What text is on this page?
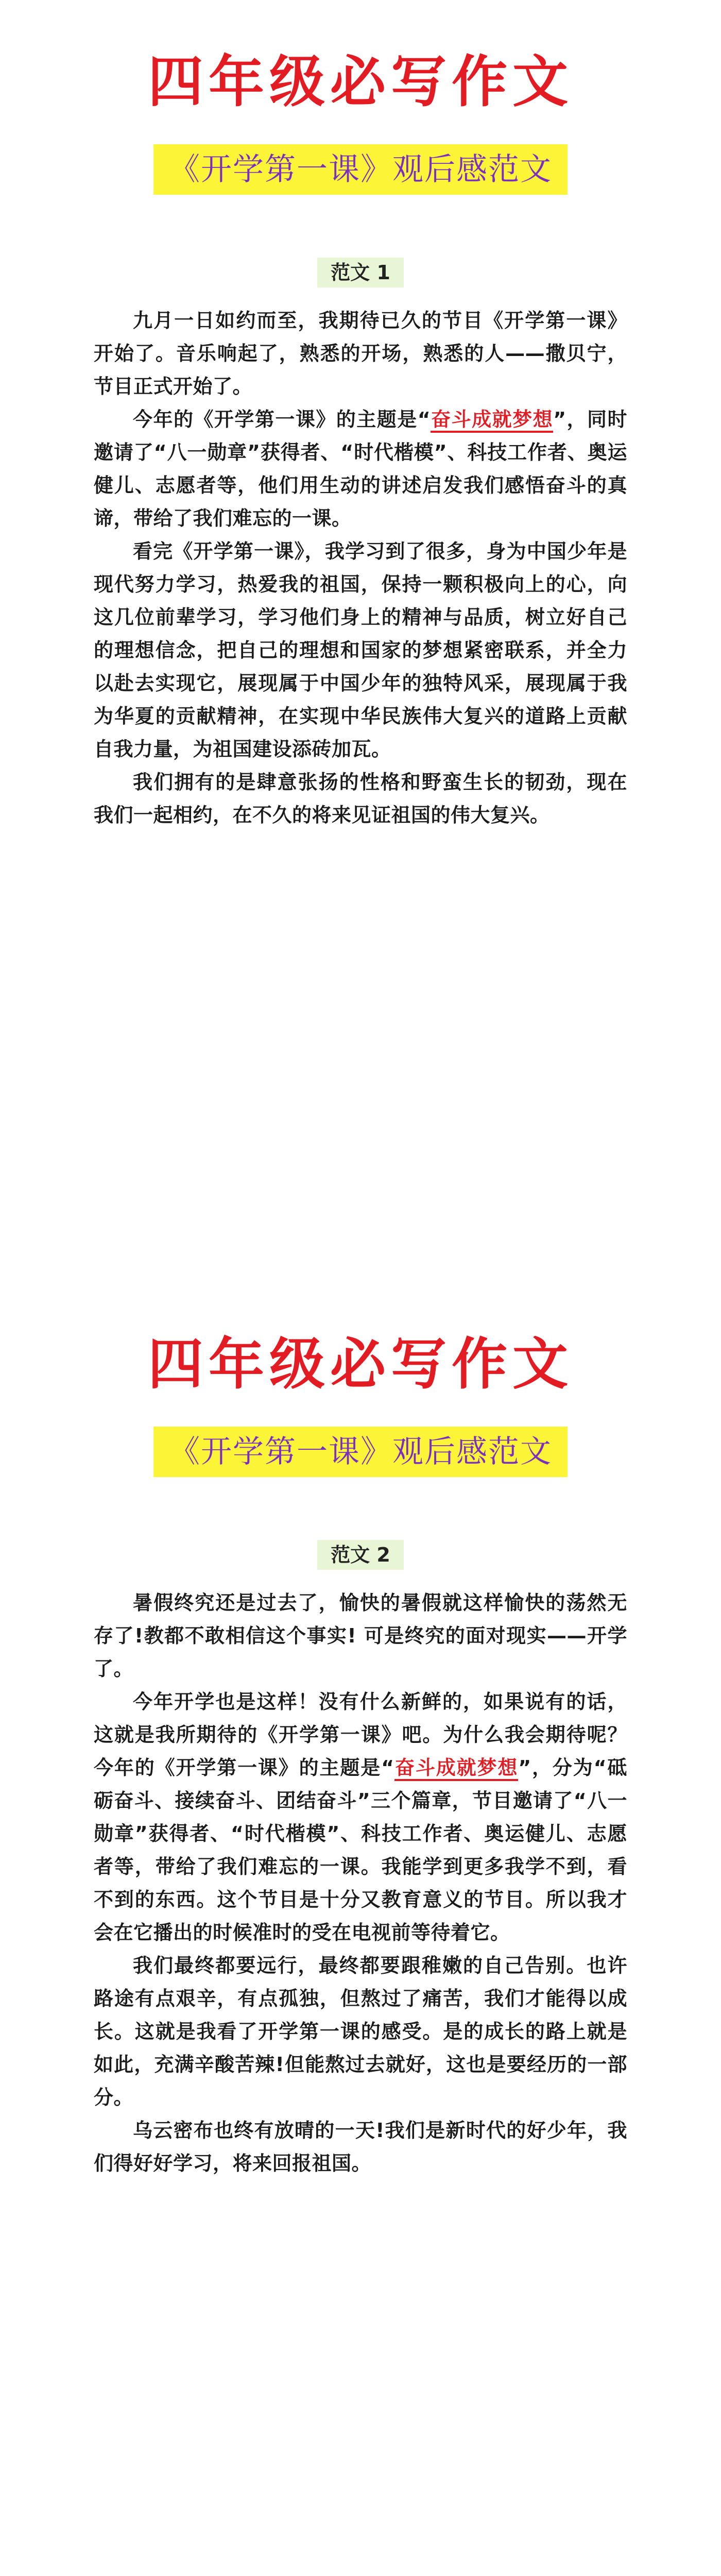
四年级必写作文
《开学第一课》观后感范文
范文 1

九月一日如约而至，我期待已久的节目《开学第一课》开始了。音乐响起了，熟悉的开场，熟悉的人——撒贝宁，节目正式开始了。

今年的《开学第一课》的主题是“奋斗成就梦想”，同时邀请了“八一勋章”获得者、“时代楷模”、科技工作者、奥运健儿、志愿者等，他们用生动的讲述启发我们感悟奋斗的真谛，带给了我们难忘的一课。

看完《开学第一课》，我学习到了很多，身为中国少年是现代努力学习，热爱我的祖国，保持一颗积极向上的心，向这几位前辈学习，学习他们身上的精神与品质，树立好自己的理想信念，把自己的理想和国家的梦想紧密联系，并全力以赴去实现它，展现属于中国少年的独特风采，展现属于我为华夏的贡献精神，在实现中华民族伟大复兴的道路上贡献自我力量，为祖国建设添砖加瓦。

我们拥有的是肆意张扬的性格和野蛮生长的韧劲，现在我们一起相约，在不久的将来见证祖国的伟大复兴。

四年级必写作文
《开学第一课》观后感范文
范文 2

暑假终究还是过去了，愉快的暑假就这样愉快的荡然无存了!教都不敢相信这个事实! 可是终究的面对现实——开学了。

今年开学也是这样！没有什么新鲜的，如果说有的话，这就是我所期待的《开学第一课》吧。为什么我会期待呢？今年的《开学第一课》的主题是“奋斗成就梦想”，分为“砥砺奋斗、接续奋斗、团结奋斗”三个篇章，节目邀请了“八一勋章”获得者、“时代楷模”、科技工作者、奥运健儿、志愿者等，带给了我们难忘的一课。我能学到更多我学不到，看不到的东西。这个节目是十分又教育意义的节目。所以我才会在它播出的时候准时的受在电视前等待着它。

我们最终都要远行，最终都要跟稚嫩的自己告别。也许路途有点艰辛，有点孤独，但熬过了痛苦，我们才能得以成长。这就是我看了开学第一课的感受。是的成长的路上就是如此，充满辛酸苦辣!但能熬过去就好，这也是要经历的一部分。

乌云密布也终有放晴的一天!我们是新时代的好少年，我们得好好学习，将来回报祖国。
